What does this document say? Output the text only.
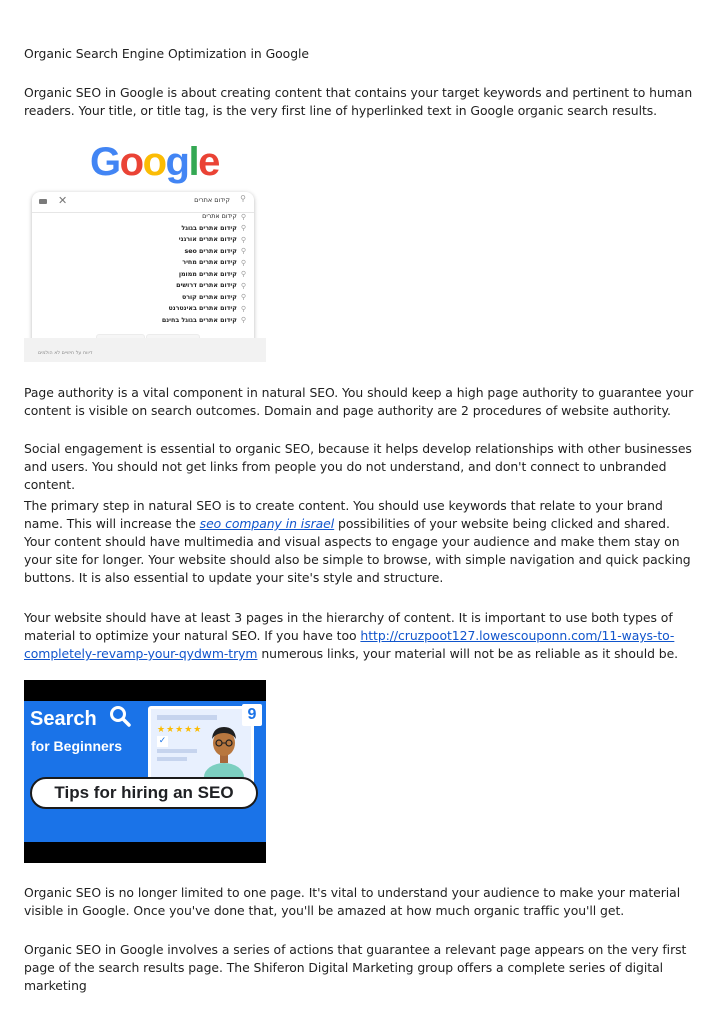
Organic Search Engine Optimization in Google

Organic SEO in Google is about creating content that contains your target keywords and pertinent to human readers. Your title, or title tag, is the very first line of hyperlinked text in Google organic search results.

Google
✕	קידום אתרים ⚲
⚲
קידום אתרים
⚲
קידום אתרים בגוגל
⚲
קידום אתרים אורגני
⚲
קידום אתרים seo
⚲
קידום אתרים מחיר
⚲
קידום אתרים ממומן
⚲
קידום אתרים דרושים
⚲
קידום אתרים קורס
⚲
קידום אתרים באינטרנט
⚲
קידום אתרים בגוגל בחינם
דיווח על חיזויים לא הולמים

Page authority is a vital component in natural SEO. You should keep a high page authority to guarantee your content is visible on search outcomes. Domain and page authority are 2 procedures of website authority.

Social engagement is essential to organic SEO, because it helps develop relationships with other businesses and users. You should not get links from people you do not understand, and don't connect to unbranded content.

The primary step in natural SEO is to create content. You should use keywords that relate to your brand name. This will increase the seo company in israel possibilities of your website being clicked and shared. Your content should have multimedia and visual aspects to engage your audience and make them stay on your site for longer. Your website should also be simple to browse, with simple navigation and quick packing buttons. It is also essential to update your site's style and structure.

Your website should have at least 3 pages in the hierarchy of content. It is important to use both types of material to optimize your natural SEO. If you have too http://cruzpoot127.lowescouponn.com/11-ways-to-completely-revamp-your-qydwm-trym numerous links, your material will not be as reliable as it should be.

Search
for Beginners
★★★★★
✓
9
Tips for hiring an SEO

Organic SEO is no longer limited to one page. It's vital to understand your audience to make your material visible in Google. Once you've done that, you'll be amazed at how much organic traffic you'll get.

Organic SEO in Google involves a series of actions that guarantee a relevant page appears on the very first page of the search results page. The Shiferon Digital Marketing group offers a complete series of digital marketing
